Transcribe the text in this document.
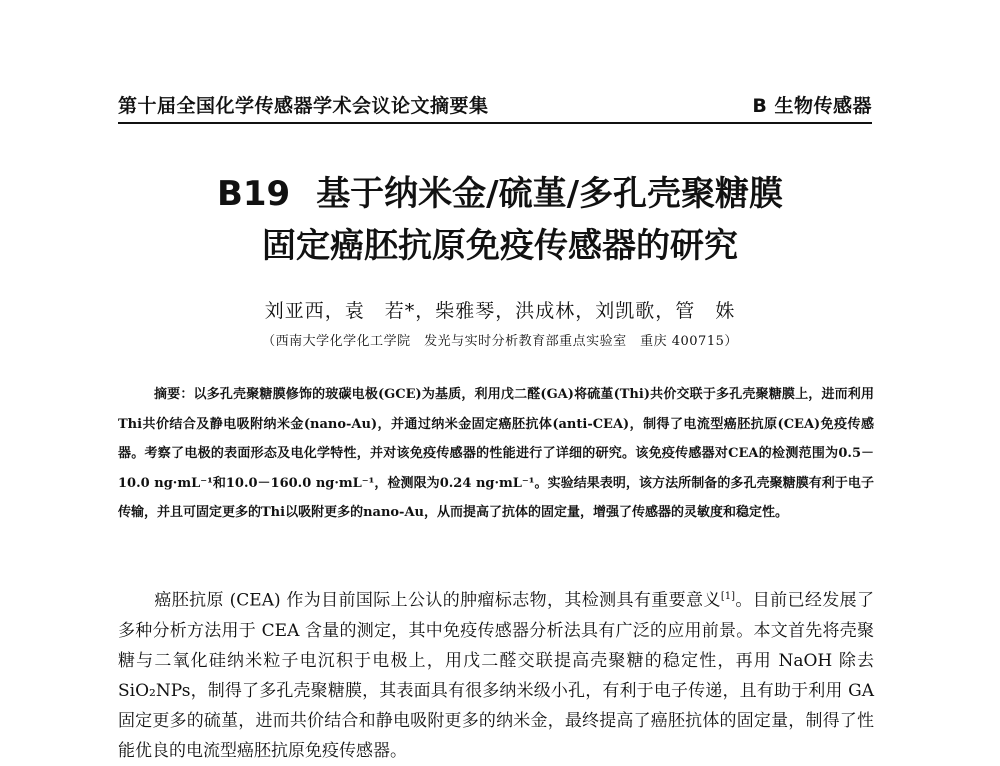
第十届全国化学传感器学术会议论文摘要集	B 生物传感器
B19 基于纳米金/硫堇/多孔壳聚糖膜
固定癌胚抗原免疫传感器的研究
刘亚西，袁　若*，柴雅琴，洪成林，刘凯歌，管　姝
（西南大学化学化工学院　发光与实时分析教育部重点实验室　重庆 400715）
摘要：以多孔壳聚糖膜修饰的玻碳电极(GCE)为基质，利用戊二醛(GA)将硫堇(Thi)共价交联于多孔壳聚糖膜上，进而利用Thi共价结合及静电吸附纳米金(nano-Au)，并通过纳米金固定癌胚抗体(anti-CEA)，制得了电流型癌胚抗原(CEA)免疫传感器。考察了电极的表面形态及电化学特性，并对该免疫传感器的性能进行了详细的研究。该免疫传感器对CEA的检测范围为0.5－10.0 ng·mL⁻¹和10.0－160.0 ng·mL⁻¹，检测限为0.24 ng·mL⁻¹。实验结果表明，该方法所制备的多孔壳聚糖膜有利于电子传输，并且可固定更多的Thi以吸附更多的nano-Au，从而提高了抗体的固定量，增强了传感器的灵敏度和稳定性。
癌胚抗原 (CEA) 作为目前国际上公认的肿瘤标志物，其检测具有重要意义[1]。目前已经发展了多种分析方法用于 CEA 含量的测定，其中免疫传感器分析法具有广泛的应用前景。本文首先将壳聚糖与二氧化硅纳米粒子电沉积于电极上，用戊二醛交联提高壳聚糖的稳定性，再用 NaOH 除去 SiO₂NPs，制得了多孔壳聚糖膜，其表面具有很多纳米级小孔，有利于电子传递，且有助于利用 GA 固定更多的硫堇，进而共价结合和静电吸附更多的纳米金，最终提高了癌胚抗体的固定量，制得了性能优良的电流型癌胚抗原免疫传感器。
